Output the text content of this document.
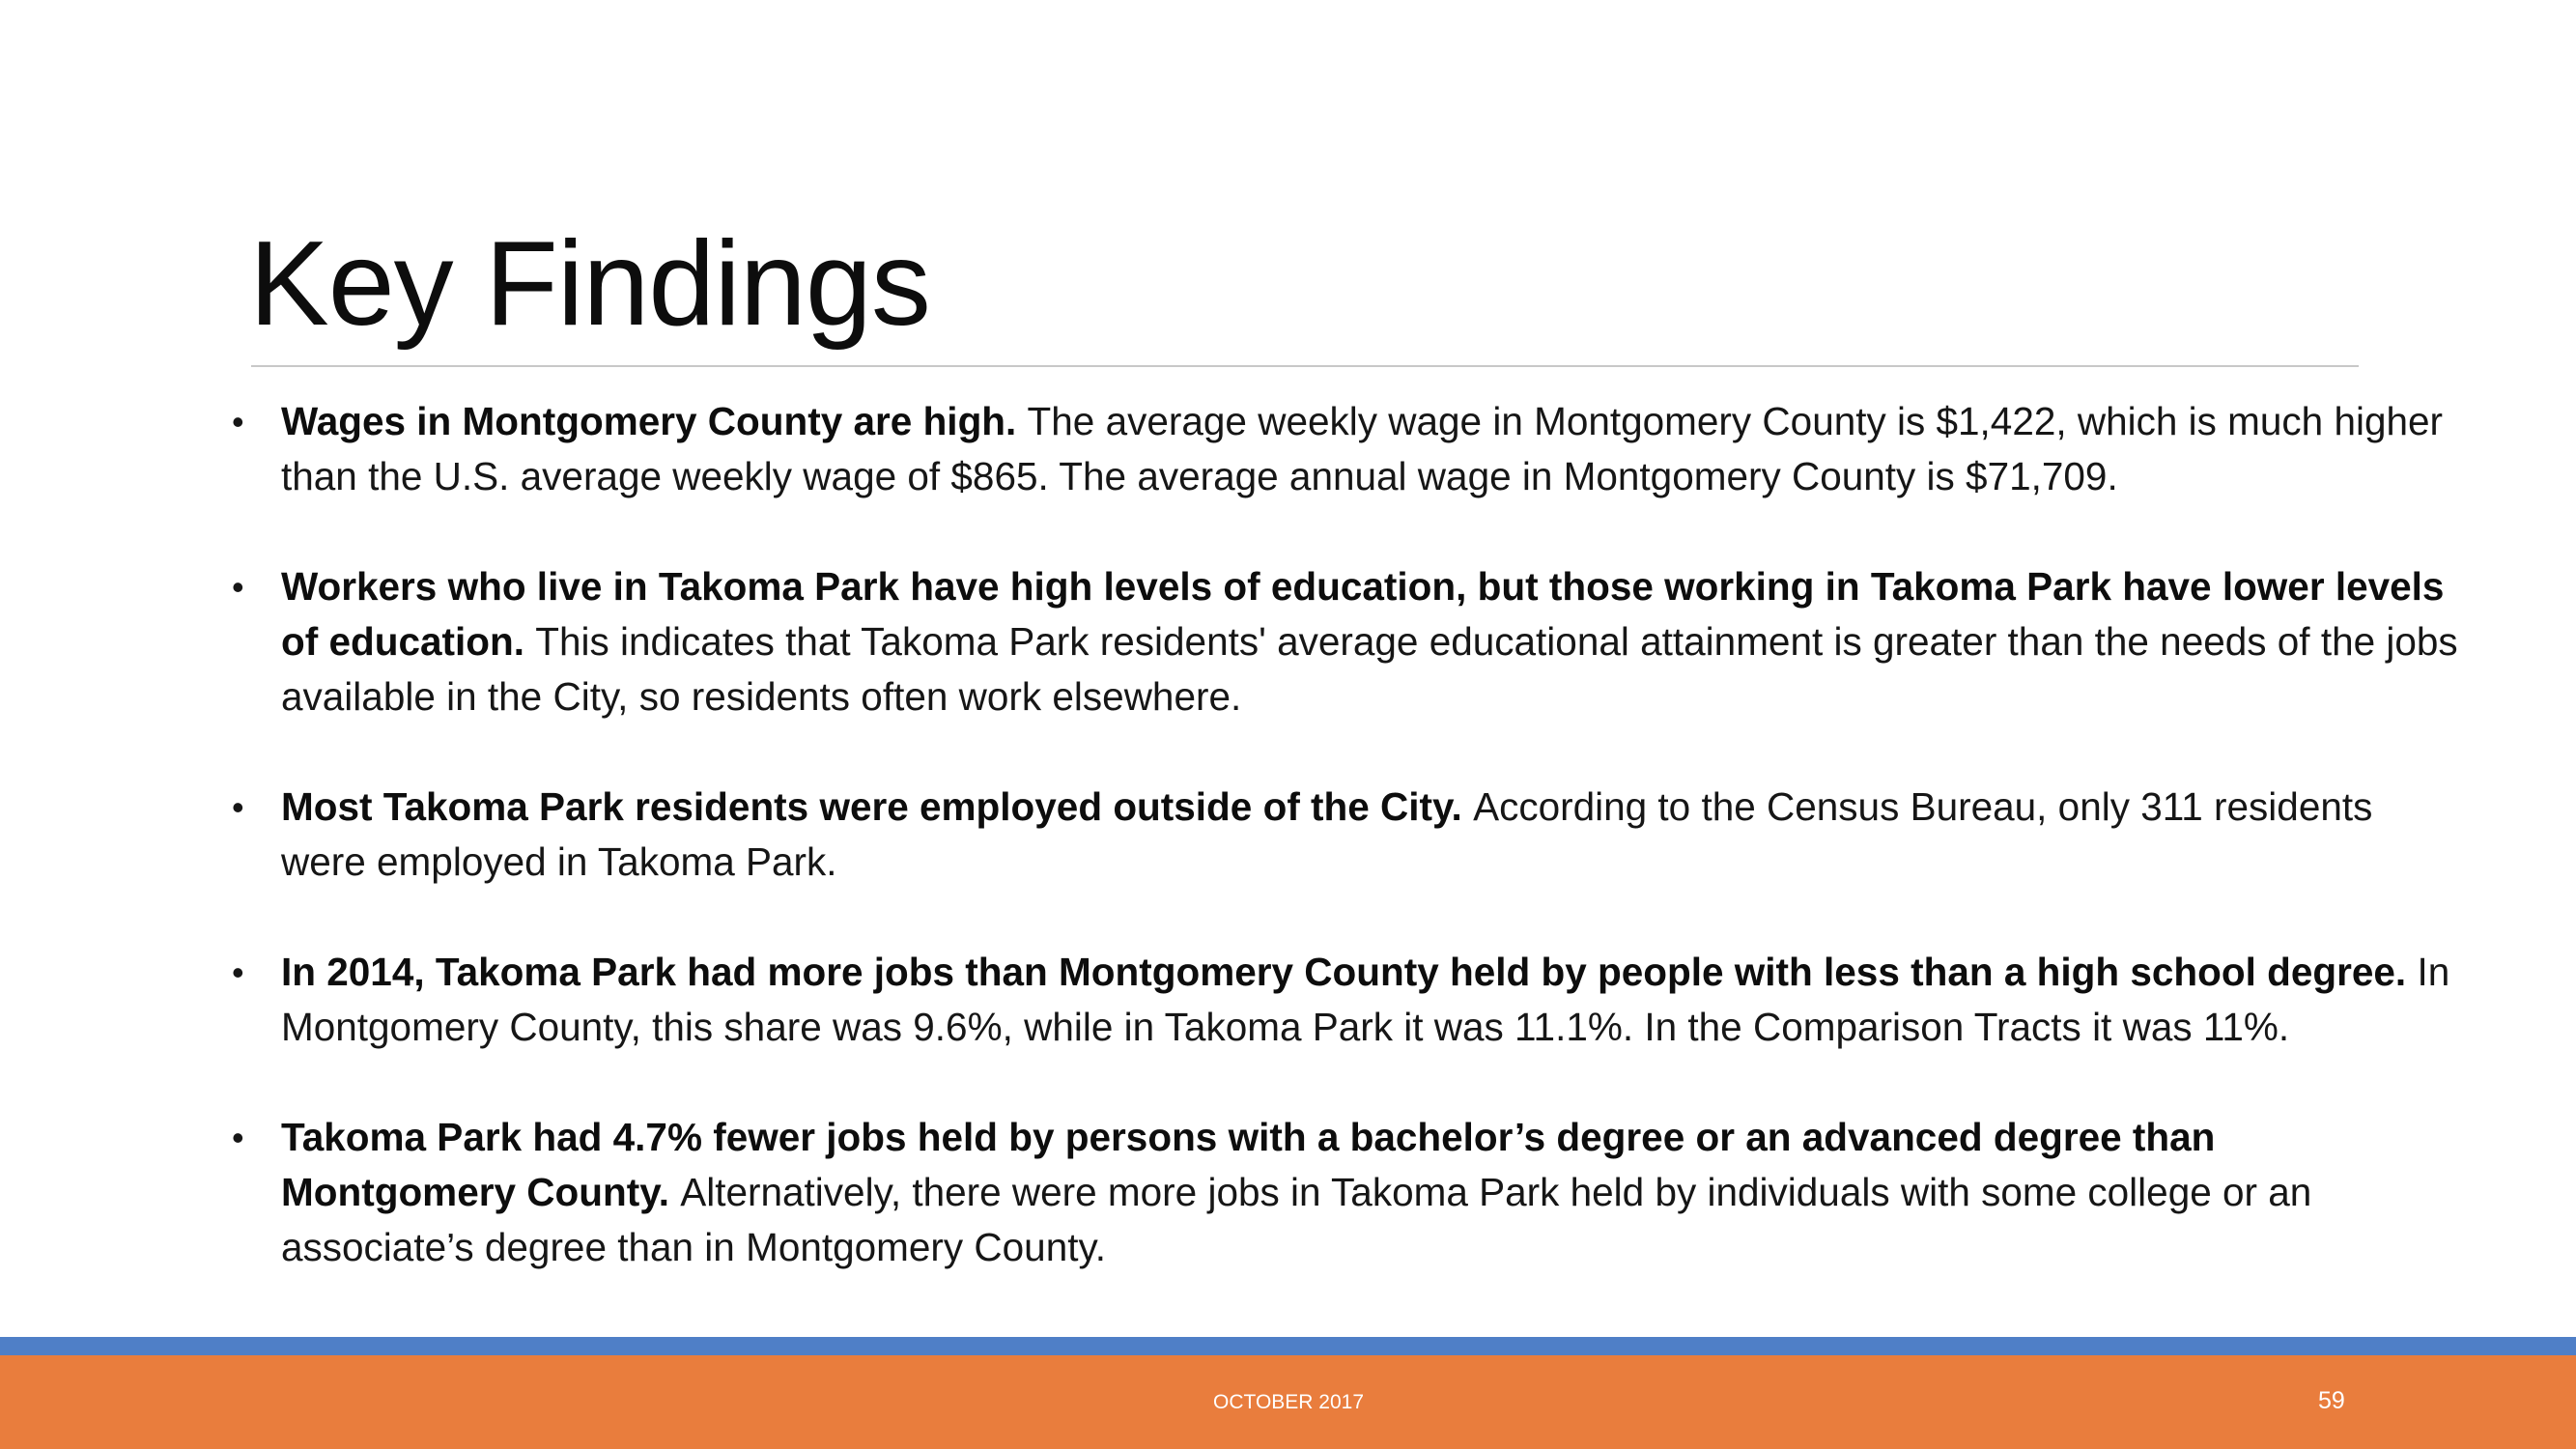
Key Findings
• Wages in Montgomery County are high. The average weekly wage in Montgomery County is $1,422, which is much higher than the U.S. average weekly wage of $865. The average annual wage in Montgomery County is $71,709.
• Workers who live in Takoma Park have high levels of education, but those working in Takoma Park have lower levels of education. This indicates that Takoma Park residents' average educational attainment is greater than the needs of the jobs available in the City, so residents often work elsewhere.
• Most Takoma Park residents were employed outside of the City. According to the Census Bureau, only 311 residents were employed in Takoma Park.
• In 2014, Takoma Park had more jobs than Montgomery County held by people with less than a high school degree. In Montgomery County, this share was 9.6%, while in Takoma Park it was 11.1%. In the Comparison Tracts it was 11%.
• Takoma Park had 4.7% fewer jobs held by persons with a bachelor’s degree or an advanced degree than Montgomery County. Alternatively, there were more jobs in Takoma Park held by individuals with some college or an associate’s degree than in Montgomery County.
OCTOBER 2017	59
